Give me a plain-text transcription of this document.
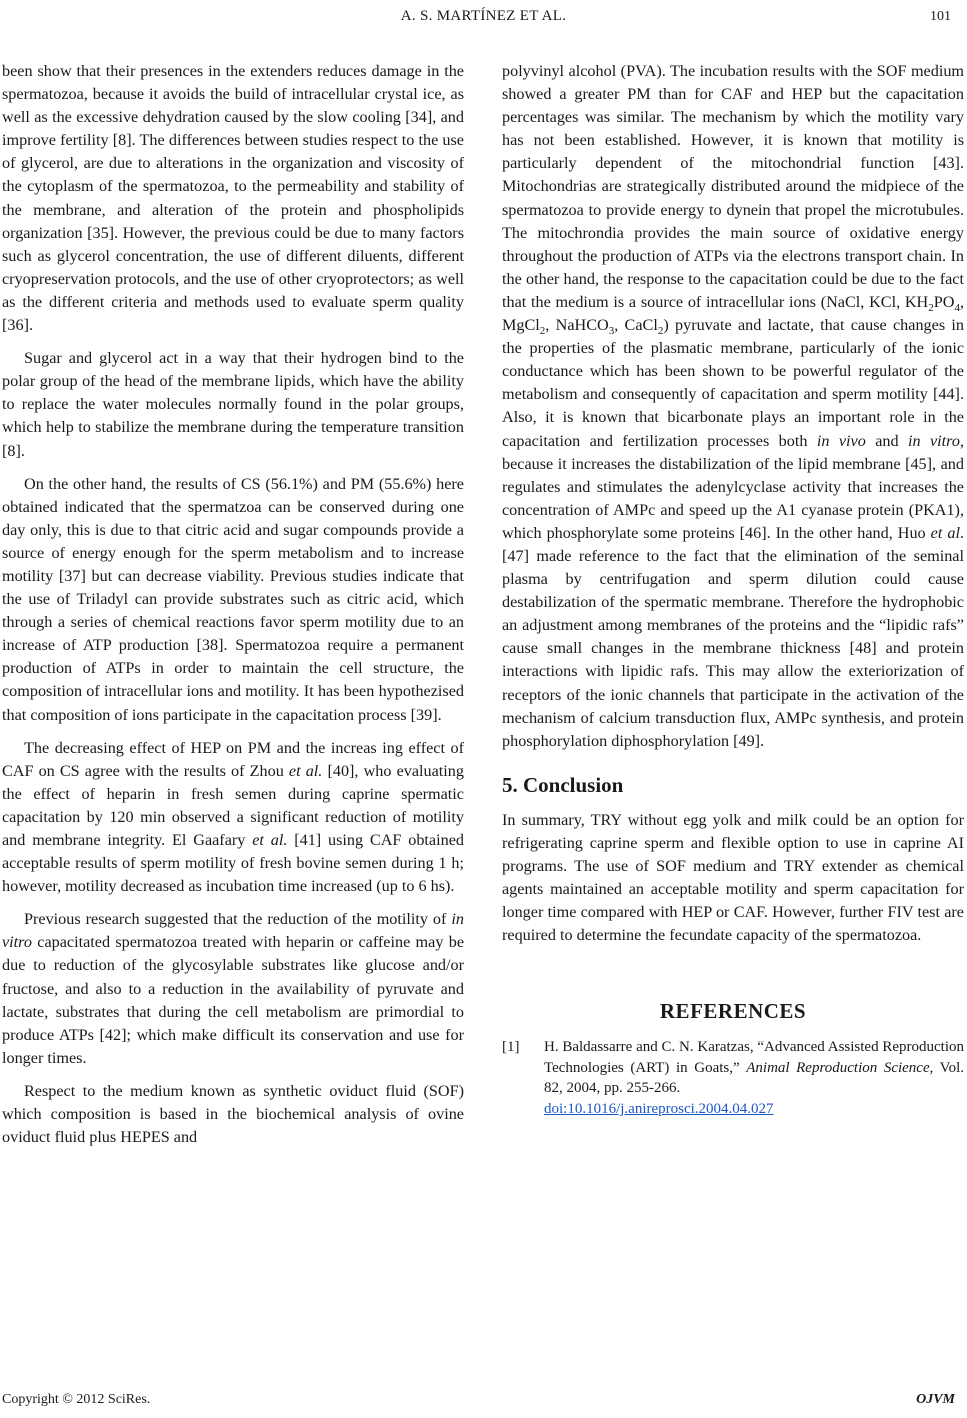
A. S. MARTÍNEZ ET AL.	101

been show that their presences in the extenders reduces damage in the spermatozoa, because it avoids the build of intracellular crystal ice, as well as the excessive dehydration caused by the slow cooling [34], and improve fertility [8]. The differences between studies respect to the use of glycerol, are due to alterations in the organization and viscosity of the cytoplasm of the spermatozoa, to the permeability and stability of the membrane, and alteration of the protein and phospholipids organization [35]. However, the previous could be due to many factors such as glycerol concentration, the use of different diluents, different cryopreservation protocols, and the use of other cryoprotectors; as well as the different criteria and methods used to evaluate sperm quality [36].

Sugar and glycerol act in a way that their hydrogen bind to the polar group of the head of the membrane lipids, which have the ability to replace the water molecules normally found in the polar groups, which help to stabilize the membrane during the temperature transition [8].

On the other hand, the results of CS (56.1%) and PM (55.6%) here obtained indicated that the spermatzoa can be conserved during one day only, this is due to that citric acid and sugar compounds provide a source of energy enough for the sperm metabolism and to increase motility [37] but can decrease viability. Previous studies indicate that the use of Triladyl can provide substrates such as citric acid, which through a series of chemical reactions favor sperm motility due to an increase of ATP production [38]. Spermatozoa require a permanent production of ATPs in order to maintain the cell structure, the composition of intracellular ions and motility. It has been hypothezised that composition of ions participate in the capacitation process [39].

The decreasing effect of HEP on PM and the increas ing effect of CAF on CS agree with the results of Zhou et al. [40], who evaluating the effect of heparin in fresh semen during caprine spermatic capacitation by 120 min observed a significant reduction of motility and membrane integrity. El Gaafary et al. [41] using CAF obtained acceptable results of sperm motility of fresh bovine semen during 1 h; however, motility decreased as incubation time increased (up to 6 hs).

Previous research suggested that the reduction of the motility of in vitro capacitated spermatozoa treated with heparin or caffeine may be due to reduction of the glycosylable substrates like glucose and/or fructose, and also to a reduction in the availability of pyruvate and lactate, substrates that during the cell metabolism are primordial to produce ATPs [42]; which make difficult its conservation and use for longer times.

Respect to the medium known as synthetic oviduct fluid (SOF) which composition is based in the biochemical analysis of ovine oviduct fluid plus HEPES and

polyvinyl alcohol (PVA). The incubation results with the SOF medium showed a greater PM than for CAF and HEP but the capacitation percentages was similar. The mechanism by which the motility vary has not been established. However, it is known that motility is particularly dependent of the mitochondrial function [43]. Mitochondrias are strategically distributed around the midpiece of the spermatozoa to provide energy to dynein that propel the microtubules. The mitochrondia provides the main source of oxidative energy throughout the production of ATPs via the electrons transport chain. In the other hand, the response to the capacitation could be due to the fact that the medium is a source of intracellular ions (NaCl, KCl, $KH_2PO_4$, MgCl$_2$, NaHCO$_3$, CaCl$_2$) pyruvate and lactate, that cause changes in the properties of the plasmatic membrane, particularly of the ionic conductance which has been shown to be powerful regulator of the metabolism and consequently of capacitation and sperm motility [44]. Also, it is known that bicarbonate plays an important role in the capacitation and fertilization processes both in vivo and in vitro, because it increases the distabilization of the lipid membrane [45], and regulates and stimulates the adenylcyclase activity that increases the concentration of AMPc and speed up the A1 cyanase protein (PKA1), which phosphorylate some proteins [46]. In the other hand, Huo et al. [47] made reference to the fact that the elimination of the seminal plasma by centrifugation and sperm dilution could cause destabilization of the spermatic membrane. Therefore the hydrophobic an adjustment among membranes of the proteins and the “lipidic rafs” cause small changes in the membrane thickness [48] and protein interactions with lipidic rafs. This may allow the exteriorization of receptors of the ionic channels that participate in the activation of the mechanism of calcium transduction flux, AMPc synthesis, and protein phosphorylation diphosphorylation [49].

5. Conclusion

In summary, TRY without egg yolk and milk could be an option for refrigerating caprine sperm and flexible option to use in caprine AI programs. The use of SOF medium and TRY extender as chemical agents maintained an acceptable motility and sperm capacitation for longer time compared with HEP or CAF. However, further FIV test are required to determine the fecundate capacity of the spermatozoa.

REFERENCES
[1]	H. Baldassarre and C. N. Karatzas, “Advanced Assisted Reproduction Technologies (ART) in Goats,” Animal Reproduction Science, Vol. 82, 2004, pp. 255-266.
doi:10.1016/j.anireprosci.2004.04.027
Copyright © 2012 SciRes.	OJVM
